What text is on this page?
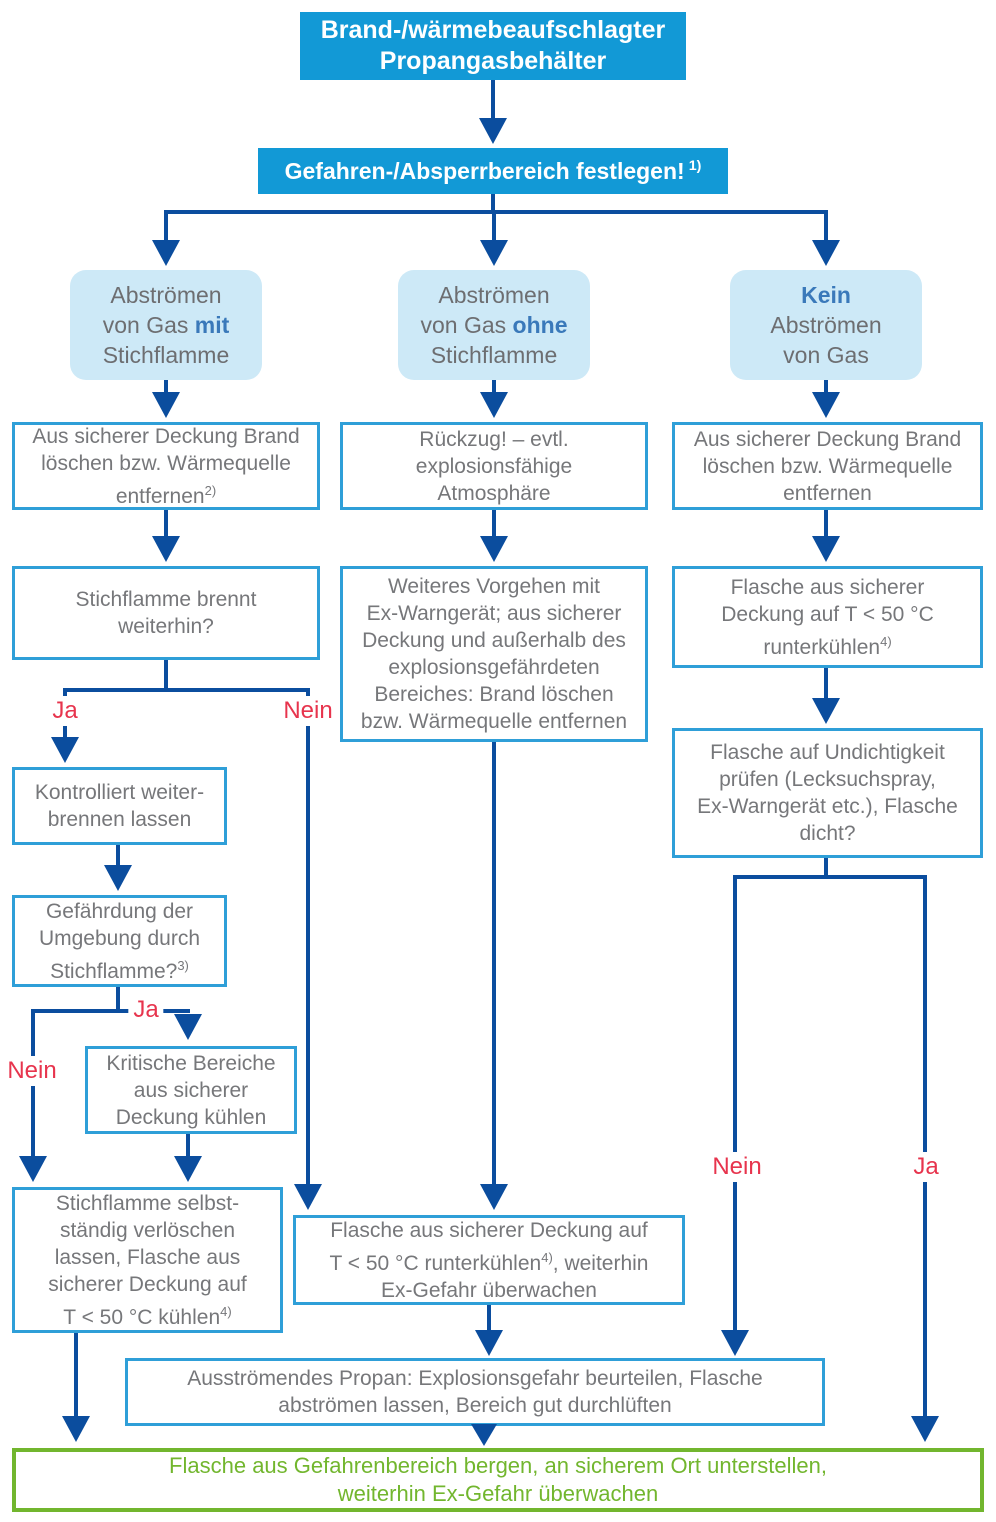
Brand-/wärmebeaufschlagter
Propangasbehälter
Gefahren-/Absperrbereich festlegen! $^{1)}$
Abströmen
von Gas mit
Stichflamme
Abströmen
von Gas ohne
Stichflamme
Kein
Abströmen
von Gas
Aus sicherer Deckung Brand
löschen bzw. Wärmequelle
entfernen$^{2)}$
Rückzug! – evtl.
explosionsfähige
Atmosphäre
Aus sicherer Deckung Brand
löschen bzw. Wärmequelle
entfernen
Stichflamme brennt
weiterhin?
Weiteres Vorgehen mit
Ex-Warngerät; aus sicherer
Deckung und außerhalb des
explosionsgefährdeten
Bereiches: Brand löschen
bzw. Wärmequelle entfernen
Flasche aus sicherer
Deckung auf T < 50 °C
runterkühlen$^{4)}$
Ja	Nein
Kontrolliert weiter-
brennen lassen
Gefährdung der
Umgebung durch
Stichflamme?$^{3)}$
Ja
Nein Kritische Bereiche
aus sicherer
Deckung kühlen
Stichflamme selbst-
ständig verlöschen
lassen, Flasche aus
sicherer Deckung auf
T < 50 °C kühlen$^{4)}$
Flasche aus sicherer Deckung auf
T < 50 °C runterkühlen$^{4)}$, weiterhin
Ex-Gefahr überwachen
Flasche auf Undichtigkeit
prüfen (Lecksuchspray,
Ex-Warngerät etc.), Flasche
dicht?
Nein	Ja
Ausströmendes Propan: Explosionsgefahr beurteilen, Flasche
abströmen lassen, Bereich gut durchlüften
Flasche aus Gefahrenbereich bergen, an sicherem Ort unterstellen,
weiterhin Ex-Gefahr überwachen
